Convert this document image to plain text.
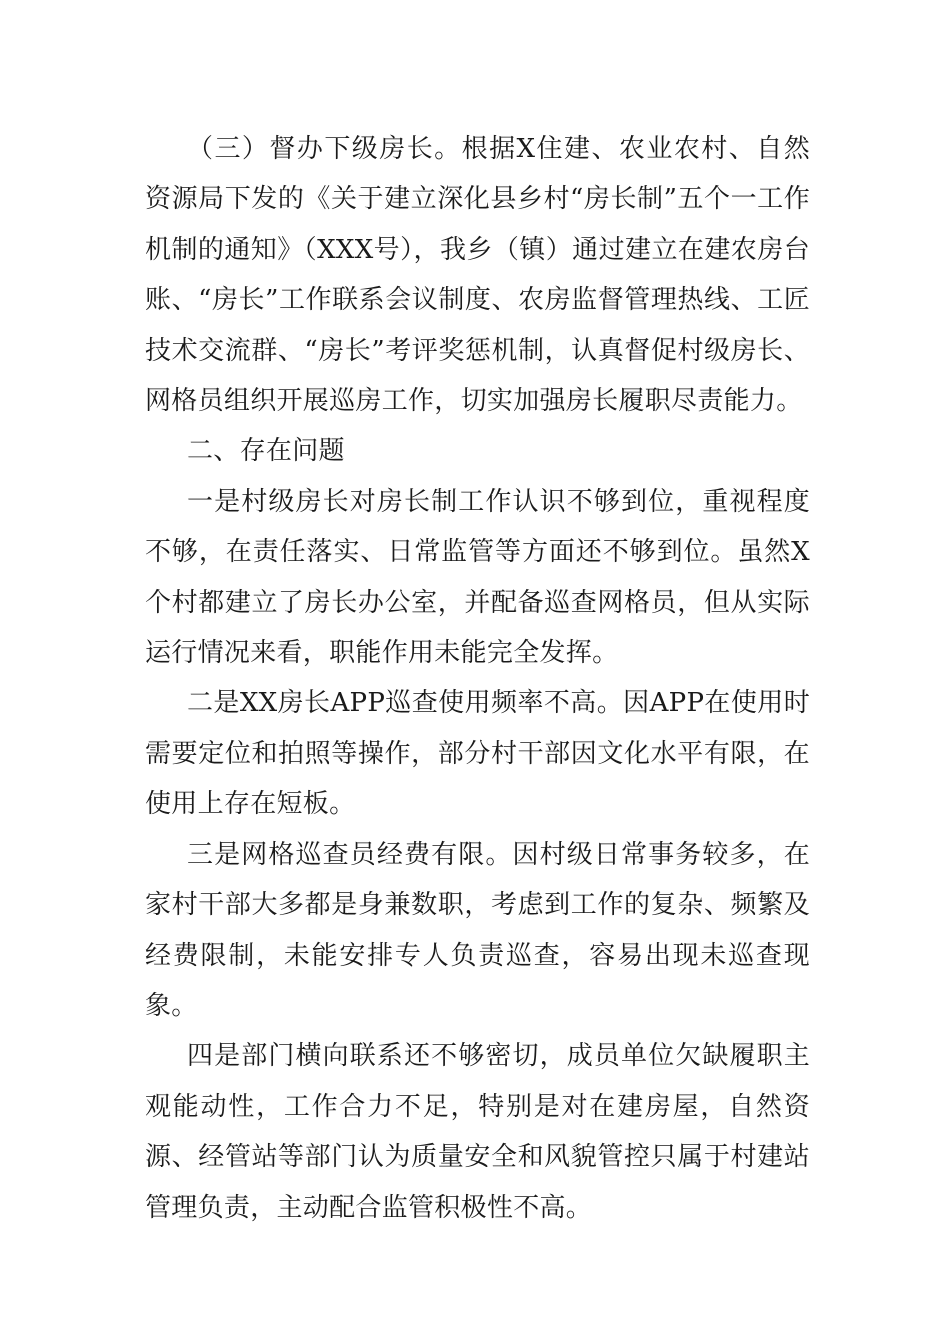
（三）督办下级房长。根据X住建、农业农村、自然资源局下发的《关于建立深化县乡村“房长制”五个一工作机制的通知》（XXX号），我乡（镇）通过建立在建农房台账、“房长”工作联系会议制度、农房监督管理热线、工匠技术交流群、“房长”考评奖惩机制，认真督促村级房长、网格员组织开展巡房工作，切实加强房长履职尽责能力。

二、存在问题

一是村级房长对房长制工作认识不够到位，重视程度不够，在责任落实、日常监管等方面还不够到位。虽然X个村都建立了房长办公室，并配备巡查网格员，但从实际运行情况来看，职能作用未能完全发挥。

二是XX房长APP巡查使用频率不高。因APP在使用时需要定位和拍照等操作，部分村干部因文化水平有限，在使用上存在短板。

三是网格巡查员经费有限。因村级日常事务较多，在家村干部大多都是身兼数职，考虑到工作的复杂、频繁及经费限制，未能安排专人负责巡查，容易出现未巡查现象。

四是部门横向联系还不够密切，成员单位欠缺履职主观能动性，工作合力不足，特别是对在建房屋，自然资源、经管站等部门认为质量安全和风貌管控只属于村建站管理负责，主动配合监管积极性不高。
